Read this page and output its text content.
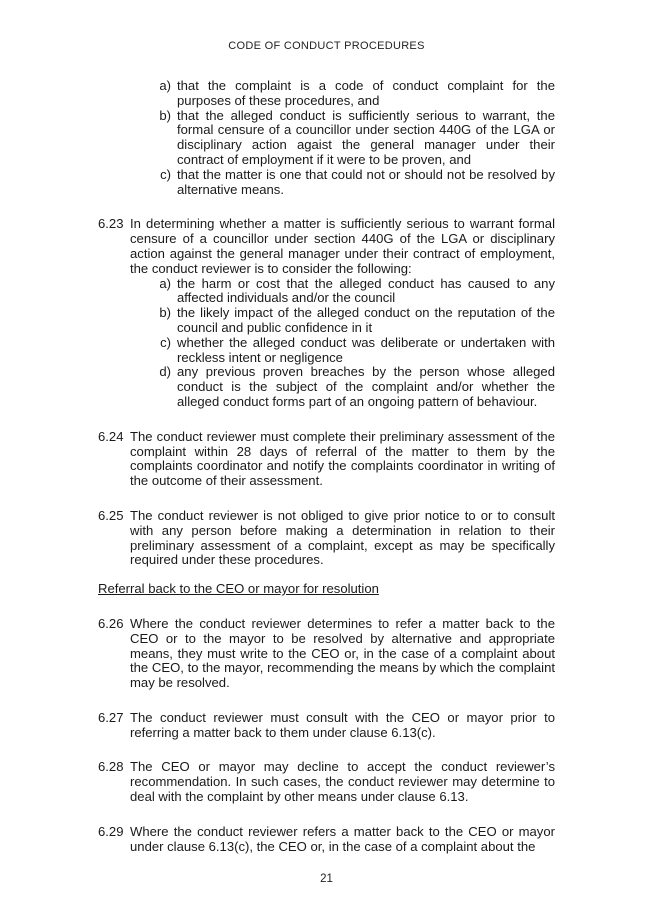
CODE OF CONDUCT PROCEDURES
a) that the complaint is a code of conduct complaint for the purposes of these procedures, and
b) that the alleged conduct is sufficiently serious to warrant, the formal censure of a councillor under section 440G of the LGA or disciplinary action agaist the general manager under their contract of employment if it were to be proven, and
c) that the matter is one that could not or should not be resolved by alternative means.
6.23 In determining whether a matter is sufficiently serious to warrant formal censure of a councillor under section 440G of the LGA or disciplinary action against the general manager under their contract of employment, the conduct reviewer is to consider the following:
a) the harm or cost that the alleged conduct has caused to any affected individuals and/or the council
b) the likely impact of the alleged conduct on the reputation of the council and public confidence in it
c) whether the alleged conduct was deliberate or undertaken with reckless intent or negligence
d) any previous proven breaches by the person whose alleged conduct is the subject of the complaint and/or whether the alleged conduct forms part of an ongoing pattern of behaviour.
6.24 The conduct reviewer must complete their preliminary assessment of the complaint within 28 days of referral of the matter to them by the complaints coordinator and notify the complaints coordinator in writing of the outcome of their assessment.
6.25 The conduct reviewer is not obliged to give prior notice to or to consult with any person before making a determination in relation to their preliminary assessment of a complaint, except as may be specifically required under these procedures.
Referral back to the CEO or mayor for resolution
6.26 Where the conduct reviewer determines to refer a matter back to the CEO or to the mayor to be resolved by alternative and appropriate means, they must write to the CEO or, in the case of a complaint about the CEO, to the mayor, recommending the means by which the complaint may be resolved.
6.27 The conduct reviewer must consult with the CEO or mayor prior to referring a matter back to them under clause 6.13(c).
6.28 The CEO or mayor may decline to accept the conduct reviewer’s recommendation. In such cases, the conduct reviewer may determine to deal with the complaint by other means under clause 6.13.
6.29 Where the conduct reviewer refers a matter back to the CEO or mayor under clause 6.13(c), the CEO or, in the case of a complaint about the
21
